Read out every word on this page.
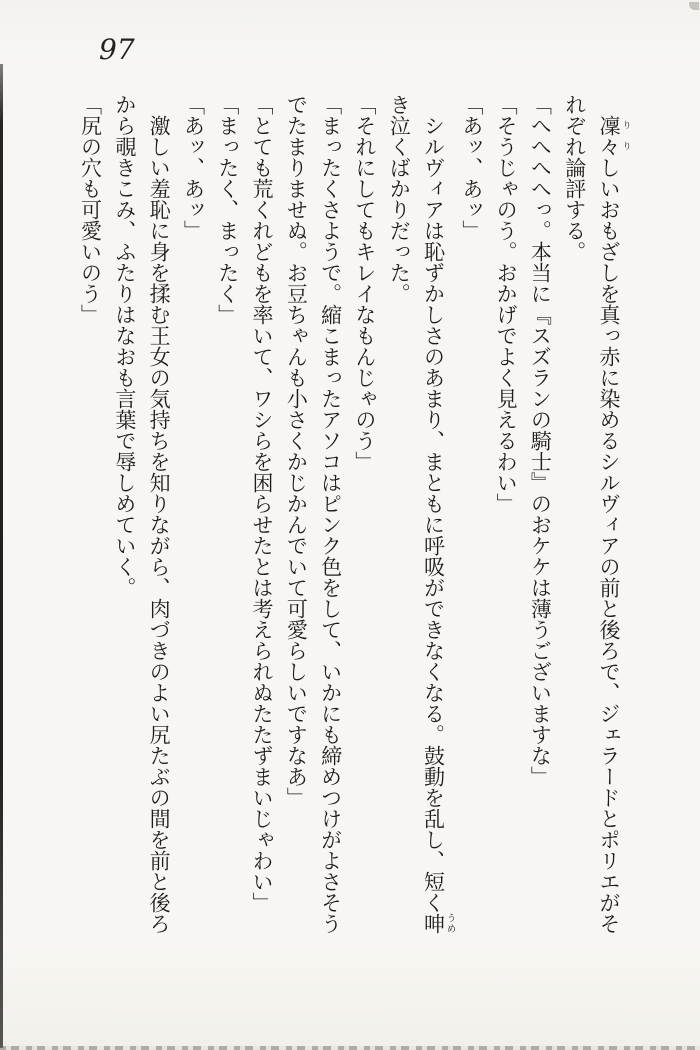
97

凜々 りりしいおもざしを真っ赤に染めるシルヴィアの前と後ろで、ジェラードとポリエがそれぞれ論評する。

「へへへへっ。本当に『スズランの騎士』のおケケは薄うございますな」

「そうじゃのう。おかげでよく見えるわい」

「あッ、あッ」

シルヴィアは恥ずかしさのあまり、まともに呼吸ができなくなる。鼓動を乱し、短く呻 うめき泣くばかりだった。

「それにしてもキレイなもんじゃのう」

「まったくさようで。縮こまったアソコはピンク色をして、いかにも締めつけがよさそうでたまりませぬ。お豆ちゃんも小さくかじかんでいて可愛らしいですなあ」

「とても荒くれどもを率いて、ワシらを困らせたとは考えられぬたたずまいじゃわい」

「まったく、まったく」

「あッ、あッ」

激しい羞恥に身を揉む王女の気持ちを知りながら、肉づきのよい尻たぶの間を前と後ろから覗きこみ、ふたりはなおも言葉で辱しめていく。

「尻の穴も可愛いのう」
